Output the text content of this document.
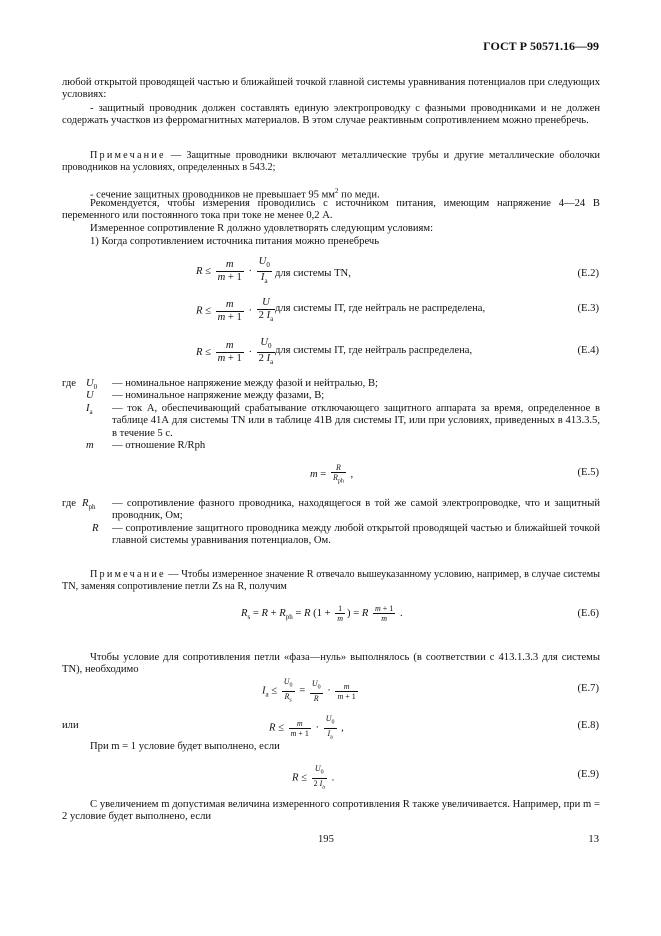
ГОСТ Р 50571.16—99
любой открытой проводящей частью и ближайшей точкой главной системы уравнивания потенциалов при следующих условиях:
- защитный проводник должен составлять единую электропроводку с фазными проводниками и не должен содержать участков из ферромагнитных материалов. В этом случае реактивным сопротивлением можно пренебречь.
Примечание — Защитные проводники включают металлические трубы и другие металлические оболочки проводников на условиях, определенных в 543.2;
- сечение защитных проводников не превышает 95 $мм^2$ по меди.
Рекомендуется, чтобы измерения проводились с источником питания, имеющим напряжение 4—24 В переменного или постоянного тока при токе не менее 0,2 А.
Измеренное сопротивление R должно удовлетворять следующим условиям:
1) Когда сопротивлением источника питания можно пренебречь
$R \le \frac{m}{m + 1} \cdot \frac{U_0}{I_a}$ для системы TN,	(E.2)
$R \le \frac{m}{m + 1} \cdot \frac{U}{2 I_a}$ для системы IT, где нейтраль не распределена,	(E.3)
$R \le \frac{m}{m + 1} \cdot \frac{U_0}{2 I_a}$ для системы IT, где нейтраль распределена,	(E.4)
где $U_0$ — номинальное напряжение между фазой и нейтралью, В;
U — номинальное напряжение между фазами, В;
$I_a$ — ток А, обеспечивающий срабатывание отключающего защитного аппарата за время, определенное в таблице 41А для системы TN или в таблице 41В для системы IT, или при условиях, приведенных в 413.3.5, в течение 5 с.
m — отношение R/Rph
$m = \frac{R}{R_{ph}}$ ,	(E.5)
где $R_{ph}$ — сопротивление фазного проводника, находящегося в той же самой электропроводке, что и защитный проводник, Ом;
R — сопротивление защитного проводника между любой открытой проводящей частью и ближайшей точкой главной системы уравнивания потенциалов, Ом.
Примечание — Чтобы измеренное значение R отвечало вышеуказанному условию, например, в случае системы TN, заменяя сопротивление петли Zs на R, получим
$R_s = R + R_{ph} = R$ ($1 + \frac{1}{m}$ ) = R $\frac{m + 1}{m}$ .	(E.6)
Чтобы условие для сопротивления петли «фаза—нуль» выполнялось (в соответствии с 413.1.3.3 для системы TN), необходимо
$I_a \le \frac{U_0}{R_s} = \frac{U_0}{R} \cdot \frac{m}{m + 1}$	(E.7)
или	$R \le \frac{m}{m + 1} \cdot \frac{U_0}{I_a}$ ,	(E.8)
При m = 1 условие будет выполнено, если
$R \le \frac{U_0}{2 I_a}$ .	(E.9)
С увеличением m допустимая величина измеренного сопротивления R также увеличивается. Например, при m = 2 условие будет выполнено, если
195	13
